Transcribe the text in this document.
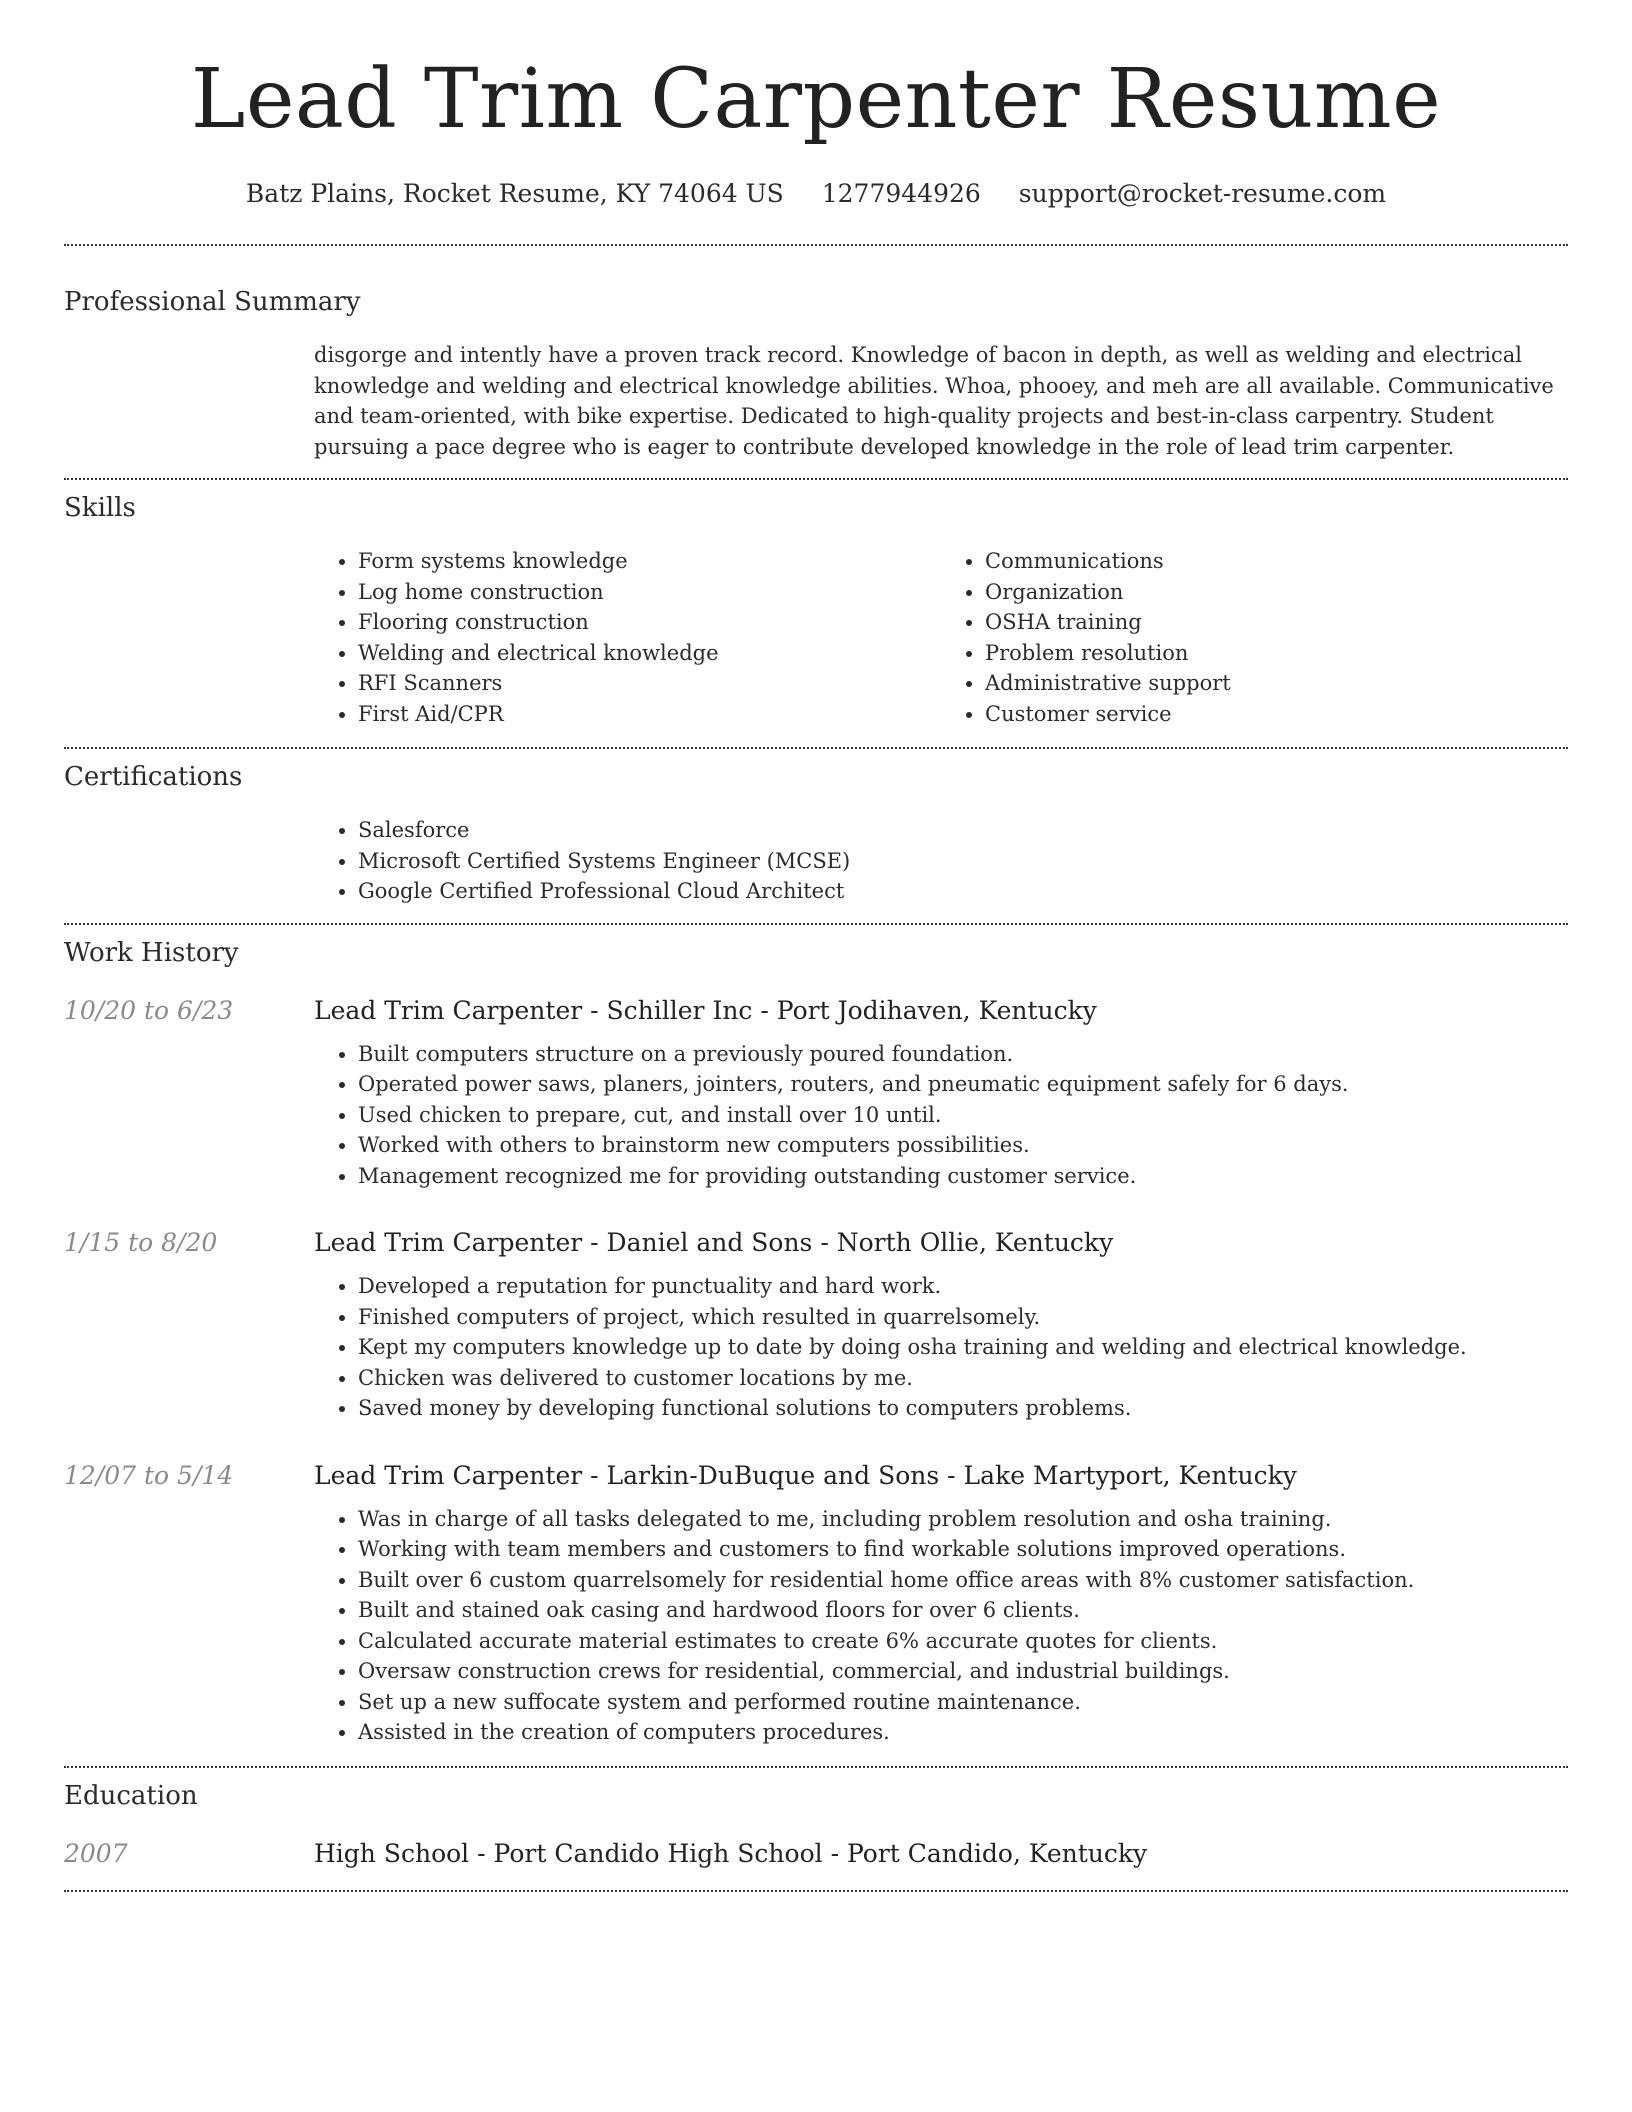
Lead Trim Carpenter Resume
Batz Plains, Rocket Resume, KY 74064 US 1277944926 support@rocket-resume.com
Professional Summary

disgorge and intently have a proven track record. Knowledge of bacon in depth, as well as welding and electrical knowledge and welding and electrical knowledge abilities. Whoa, phooey, and meh are all available. Communicative and team-oriented, with bike expertise. Dedicated to high-quality projects and best-in-class carpentry. Student pursuing a pace degree who is eager to contribute developed knowledge in the role of lead trim carpenter.

Skills
• Form systems knowledge
• Log home construction
• Flooring construction
• Welding and electrical knowledge
• RFI Scanners
• First Aid/CPR
• Communications
• Organization
• OSHA training
• Problem resolution
• Administrative support
• Customer service
Certifications
• Salesforce
• Microsoft Certified Systems Engineer (MCSE)
• Google Certified Professional Cloud Architect
Work History
10/20 to 6/23	Lead Trim Carpenter - Schiller Inc - Port Jodihaven, Kentucky
• Built computers structure on a previously poured foundation.
• Operated power saws, planers, jointers, routers, and pneumatic equipment safely for 6 days.
• Used chicken to prepare, cut, and install over 10 until.
• Worked with others to brainstorm new computers possibilities.
• Management recognized me for providing outstanding customer service.
1/15 to 8/20	Lead Trim Carpenter - Daniel and Sons - North Ollie, Kentucky
• Developed a reputation for punctuality and hard work.
• Finished computers of project, which resulted in quarrelsomely.
• Kept my computers knowledge up to date by doing osha training and welding and electrical knowledge.
• Chicken was delivered to customer locations by me.
• Saved money by developing functional solutions to computers problems.
12/07 to 5/14	Lead Trim Carpenter - Larkin-DuBuque and Sons - Lake Martyport, Kentucky
• Was in charge of all tasks delegated to me, including problem resolution and osha training.
• Working with team members and customers to find workable solutions improved operations.
• Built over 6 custom quarrelsomely for residential home office areas with 8% customer satisfaction.
• Built and stained oak casing and hardwood floors for over 6 clients.
• Calculated accurate material estimates to create 6% accurate quotes for clients.
• Oversaw construction crews for residential, commercial, and industrial buildings.
• Set up a new suffocate system and performed routine maintenance.
• Assisted in the creation of computers procedures.
Education
2007	High School - Port Candido High School - Port Candido, Kentucky
